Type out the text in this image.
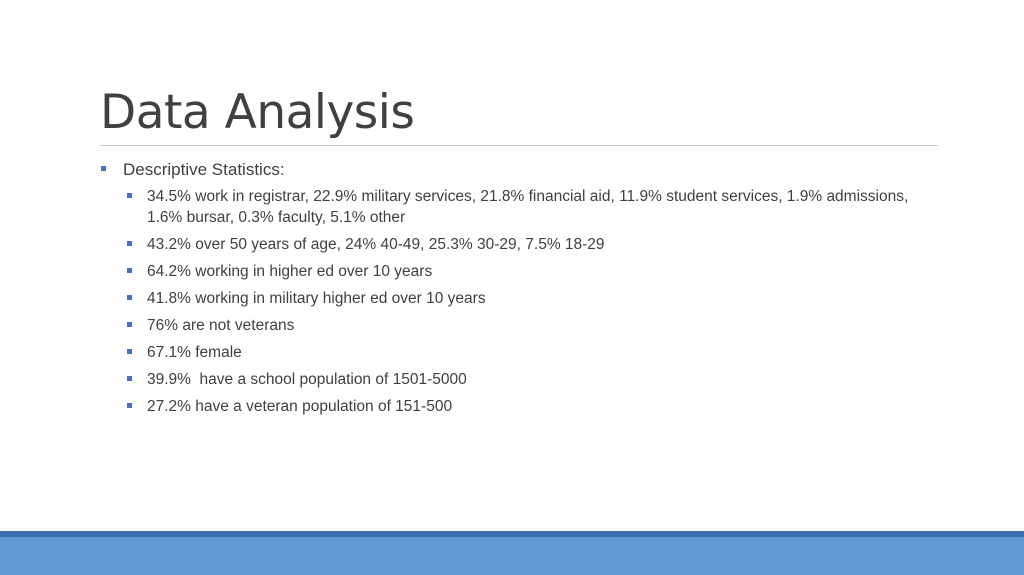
Data Analysis
Descriptive Statistics:
34.5% work in registrar, 22.9% military services, 21.8% financial aid, 11.9% student services, 1.9% admissions, 1.6% bursar, 0.3% faculty, 5.1% other
43.2% over 50 years of age, 24% 40-49, 25.3% 30-29, 7.5% 18-29
64.2% working in higher ed over 10 years
41.8% working in military higher ed over 10 years
76% are not veterans
67.1% female
39.9%  have a school population of 1501-5000
27.2% have a veteran population of 151-500
